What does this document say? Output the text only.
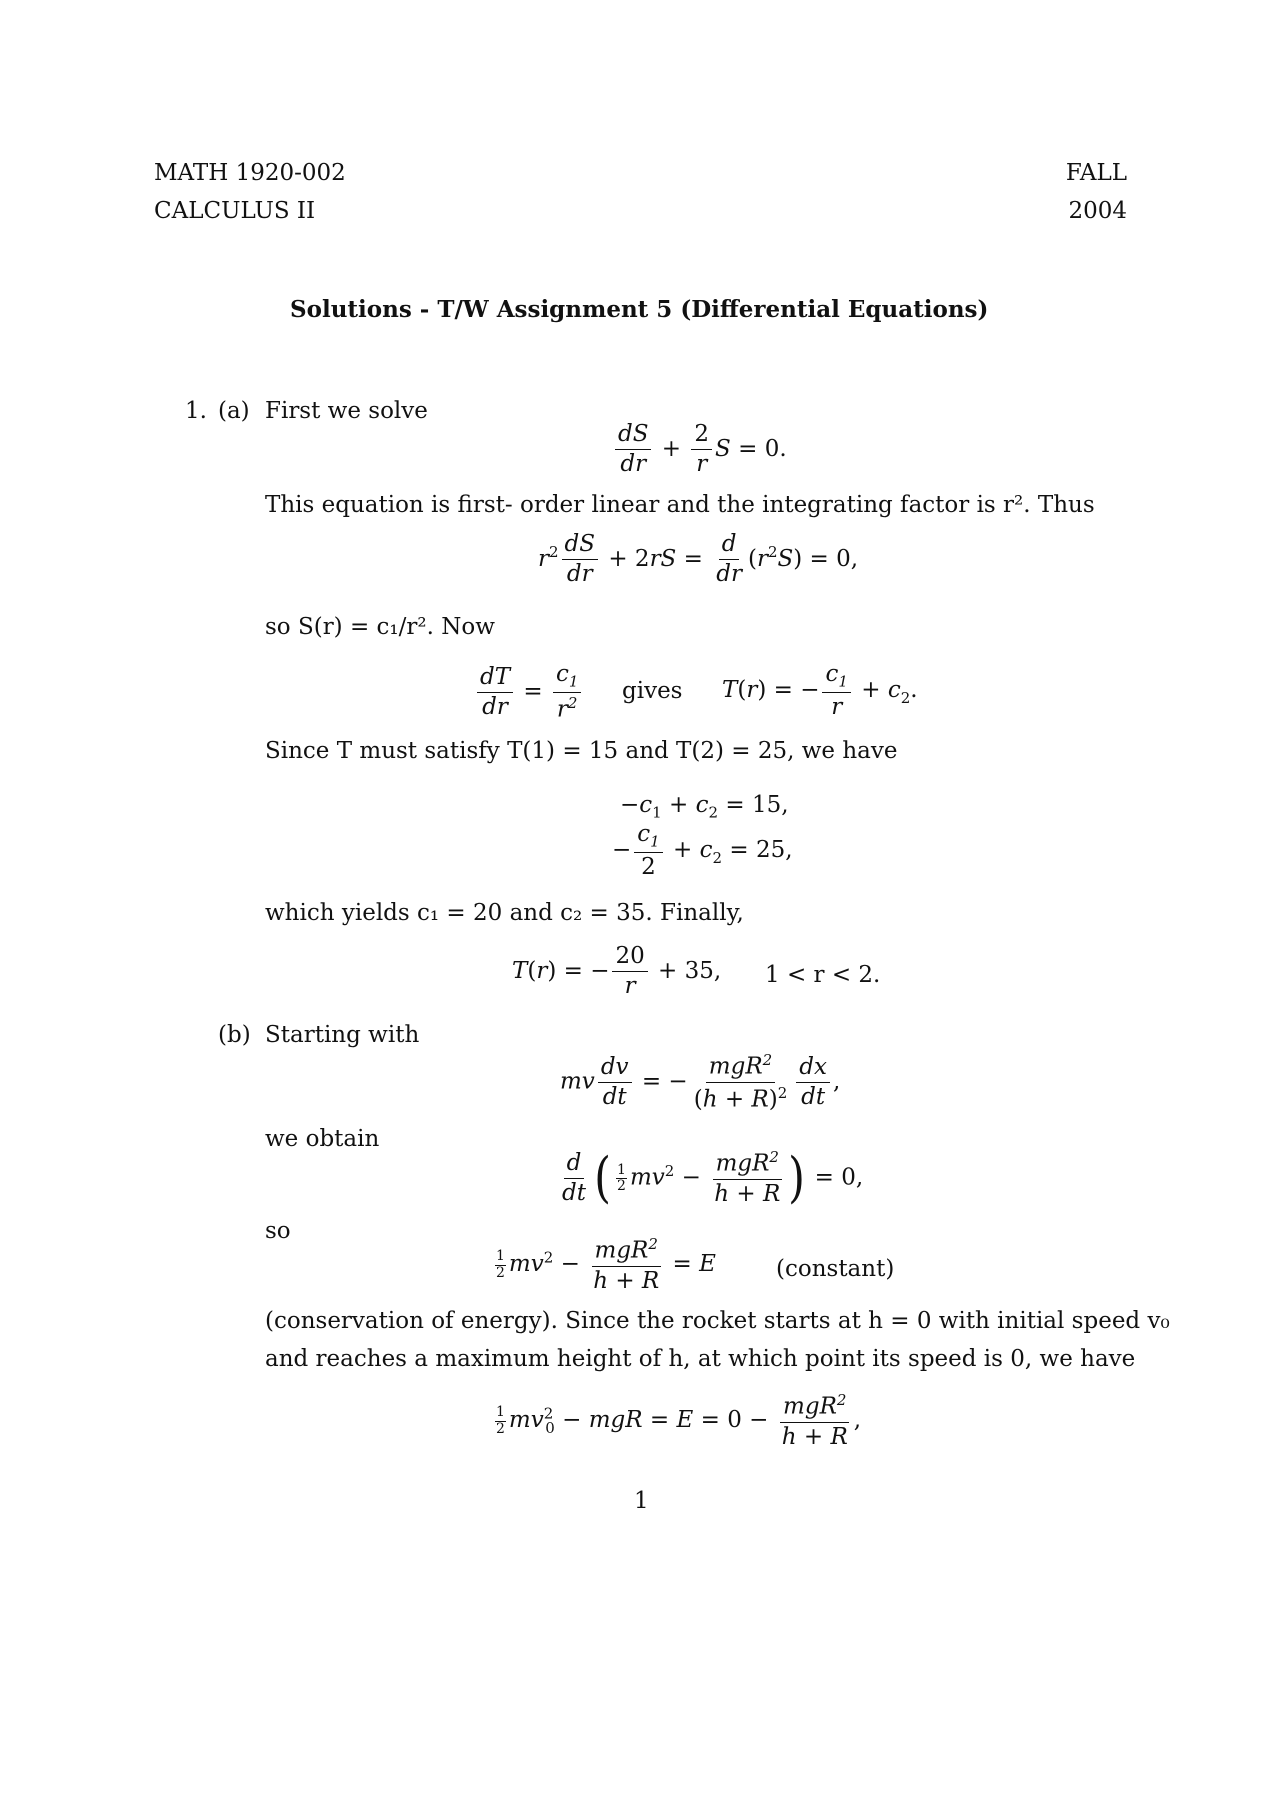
MATH 1920-002
CALCULUS II
FALL
2004
Solutions - T/W Assignment 5 (Differential Equations)
1. (a) First we solve
$\frac{dS}{dr} + \frac{2}{r}$ S = 0.
This equation is first- order linear and the integrating factor is r². Thus
$r^2 \frac{dS}{dr} + 2rS = \frac{d}{dr} (r^2S) = 0$,
so S(r) = c₁/r². Now
$\frac{dT}{dr} = \frac{c_1}{r^2}$ gives T(r) = − $\frac{c_1}{r} + c_2$.
Since T must satisfy T(1) = 15 and T(2) = 25, we have
$-c_1 + c_2 = 15$,
− $\frac{c_1}{2} + c_2 = 25$,
which yields c₁ = 20 and c₂ = 35. Finally,
T(r) = − $\frac{20}{r} + 35$, 1 < r < 2.
(b) Starting with
mv $\frac{dv}{dt}$ = − $\frac{mgR^2}{(h + R)^2} \frac{dx}{dt}$ ,
we obtain
$\frac{d}{dt}$ ( $\frac{1}{2} mv^2 - \frac{mgR^2}{h + R}$ ) = 0,
so
$\frac{1}{2} mv^2 - \frac{mgR^2}{h + R} = E$	(constant)
(conservation of energy). Since the rocket starts at h = 0 with initial speed v₀
and reaches a maximum height of h, at which point its speed is 0, we have
$\frac{1}{2} mv^2_0$ − mgR = $E = 0 - \frac{mgR^2}{h + R}$ ,
1
